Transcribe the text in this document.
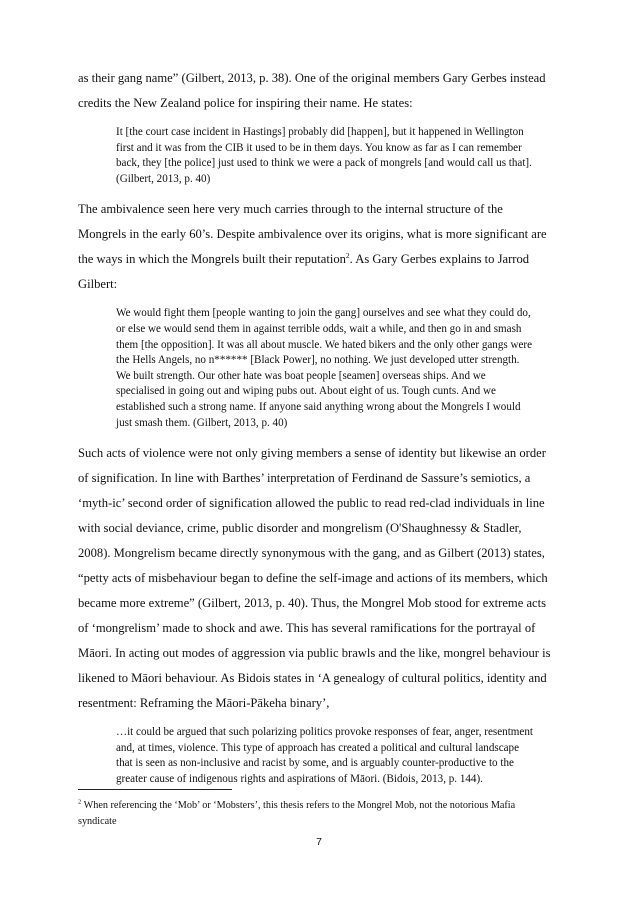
as their gang name” (Gilbert, 2013, p. 38). One of the original members Gary Gerbes instead
credits the New Zealand police for inspiring their name. He states:

It [the court case incident in Hastings] probably did [happen], but it happened in Wellington
first and it was from the CIB it used to be in them days. You know as far as I can remember
back, they [the police] just used to think we were a pack of mongrels [and would call us that].
(Gilbert, 2013, p. 40)

The ambivalence seen here very much carries through to the internal structure of the
Mongrels in the early 60’s. Despite ambivalence over its origins, what is more significant are
the ways in which the Mongrels built their reputation$^2$. As Gary Gerbes explains to Jarrod
Gilbert:

We would fight them [people wanting to join the gang] ourselves and see what they could do,
or else we would send them in against terrible odds, wait a while, and then go in and smash
them [the opposition]. It was all about muscle. We hated bikers and the only other gangs were
the Hells Angels, no n****** [Black Power], no nothing. We just developed utter strength.
We built strength. Our other hate was boat people [seamen] overseas ships. And we
specialised in going out and wiping pubs out. About eight of us. Tough cunts. And we
established such a strong name. If anyone said anything wrong about the Mongrels I would
just smash them. (Gilbert, 2013, p. 40)

Such acts of violence were not only giving members a sense of identity but likewise an order
of signification. In line with Barthes’ interpretation of Ferdinand de Sassure’s semiotics, a
‘myth-ic’ second order of signification allowed the public to read red-clad individuals in line
with social deviance, crime, public disorder and mongrelism (O'Shaughnessy & Stadler,
2008). Mongrelism became directly synonymous with the gang, and as Gilbert (2013) states,
“petty acts of misbehaviour began to define the self-image and actions of its members, which
became more extreme” (Gilbert, 2013, p. 40). Thus, the Mongrel Mob stood for extreme acts
of ‘mongrelism’ made to shock and awe. This has several ramifications for the portrayal of
Māori. In acting out modes of aggression via public brawls and the like, mongrel behaviour is
likened to Māori behaviour. As Bidois states in ‘A genealogy of cultural politics, identity and
resentment: Reframing the Māori-Pākeha binary’,

…it could be argued that such polarizing politics provoke responses of fear, anger, resentment
and, at times, violence. This type of approach has created a political and cultural landscape
that is seen as non-inclusive and racist by some, and is arguably counter-productive to the
greater cause of indigenous rights and aspirations of Māori. (Bidois, 2013, p. 144).

$^2$ When referencing the ‘Mob’ or ‘Mobsters’, this thesis refers to the Mongrel Mob, not the notorious Mafia
syndicate
7
